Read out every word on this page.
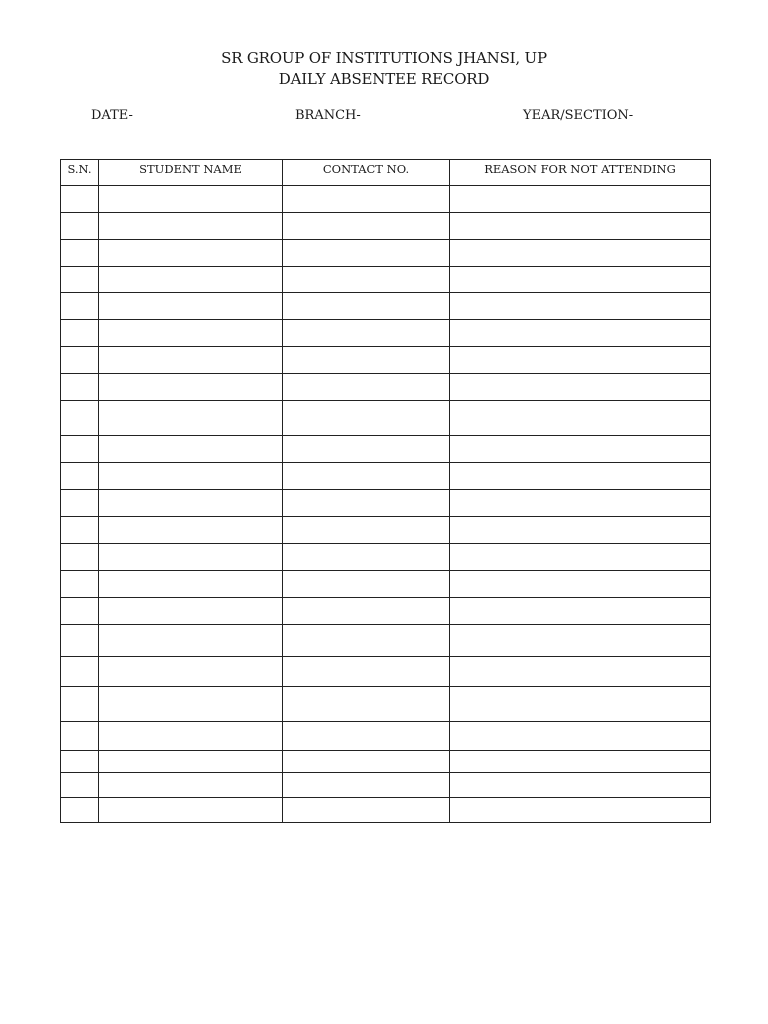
SR GROUP OF INSTITUTIONS JHANSI, UP
DAILY ABSENTEE RECORD
DATE-	BRANCH-	YEAR/SECTION-
S.N.	STUDENT NAME	CONTACT NO.	REASON FOR NOT ATTENDING
